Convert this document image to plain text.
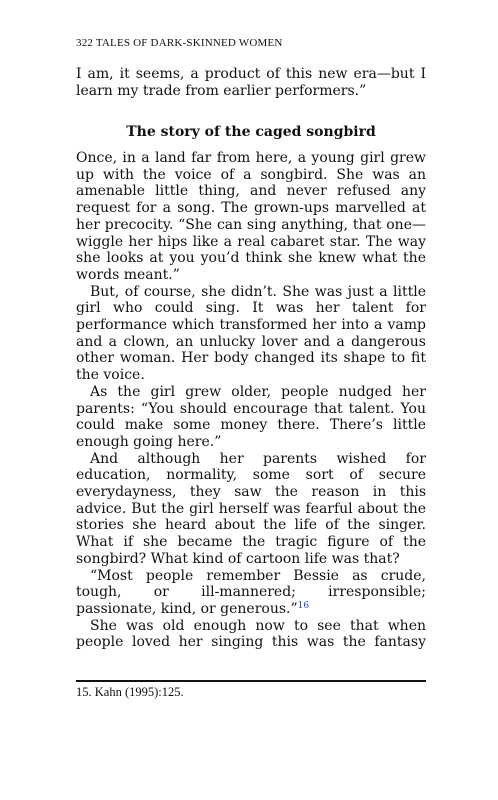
322 TALES OF DARK-SKINNED WOMEN

I am, it seems, a product of this new era—but I learn my trade from earlier performers.”

The story of the caged songbird

Once, in a land far from here, a young girl grew up with the voice of a songbird. She was an amenable little thing, and never refused any request for a song. The grown-ups marvelled at her precocity. “She can sing anything, that one—wiggle her hips like a real cabaret star. The way she looks at you you’d think she knew what the words meant.”

But, of course, she didn’t. She was just a little girl who could sing. It was her talent for performance which transformed her into a vamp and a clown, an unlucky lover and a dangerous other woman. Her body changed its shape to fit the voice.

As the girl grew older, people nudged her parents: “You should encourage that talent. You could make some money there. There’s little enough going here.”

And although her parents wished for education, normality, some sort of secure everydayness, they saw the reason in this advice. But the girl herself was fearful about the stories she heard about the life of the singer. What if she became the tragic figure of the songbird? What kind of cartoon life was that?

“Most people remember Bessie as crude,

tough, or ill-mannered; irresponsible;

passionate, kind, or generous.”$^{16}$

She was old enough now to see that when people loved her singing this was the fantasy

15. Kahn (1995):125.
